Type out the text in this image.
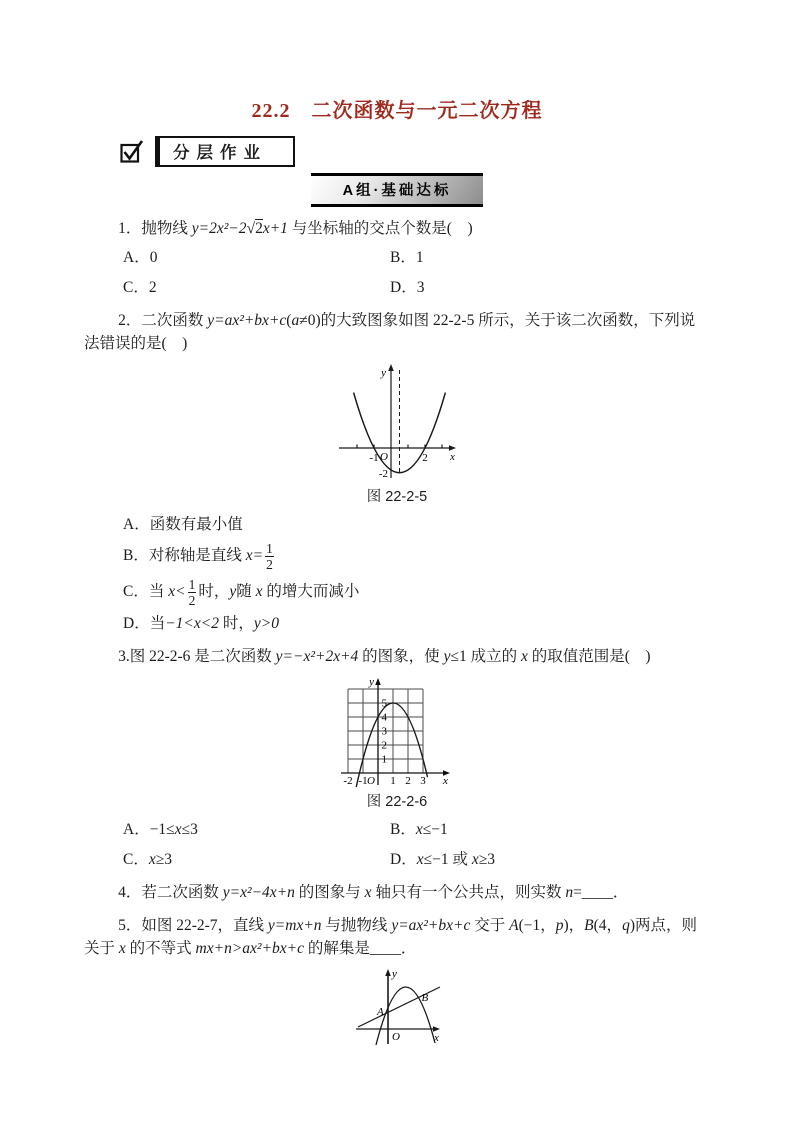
22.2　二次函数与一元二次方程
分层作业
A组·基础达标

1．抛物线 y=2x²−2√2x+1 与坐标轴的交点个数是(    )

A．0	B．1
C．2	D．3

2．二次函数 y=ax²+bx+c(a≠0)的大致图象如图 22-2-5 所示，关于该二次函数，下列说法错误的是(    )

y
x
O
-1	2
-2
图 22-2-5
A．函数有最小值
B．对称轴是直线 $x= \frac{1}{2}$
C．当 $x< \frac{1}{2}$ 时，y随 x 的增大而减小
D．当−1<x<2 时，y>0

3.图 22-2-6 是二次函数 y=−x²+2x+4 的图象，使 y≤1 成立的 x 的取值范围是(    )

y
x
O
5
4
3
2
1
-2 -1 1 2 3
图 22-2-6
A．−1≤x≤3	B．x≤−1
C．x≥3	D．x≤−1 或 x≥3

4．若二次函数 y=x²−4x+n 的图象与 x 轴只有一个公共点，则实数 n=____．

5．如图 22-2-7，直线 y=mx+n 与抛物线 y=ax²+bx+c 交于 A(−1，p)，B(4，q)两点，则关于 x 的不等式 mx+n>ax²+bx+c 的解集是____．

y
x
O
A
B
